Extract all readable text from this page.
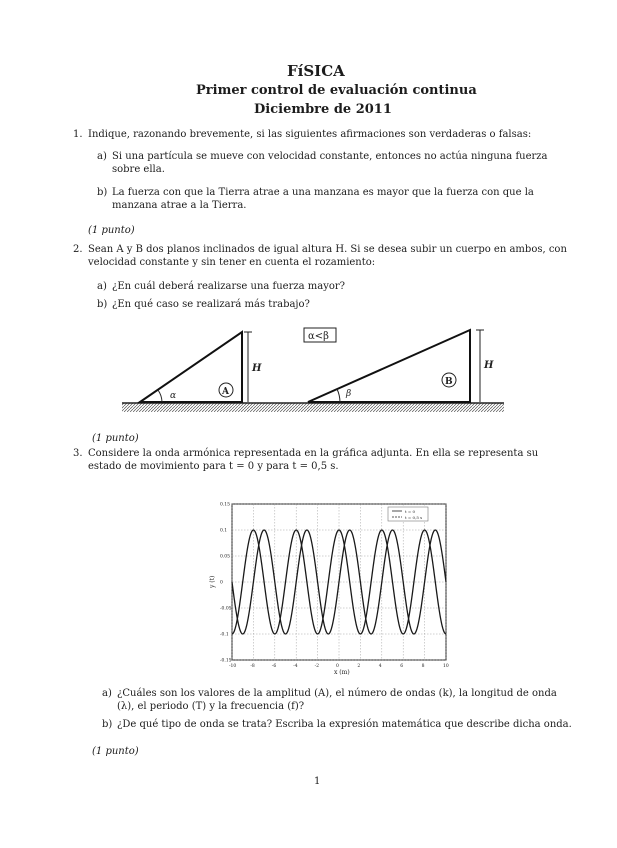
FíSICA
Primer control de evaluación continua
Diciembre de 2011
1. Indique, razonando brevemente, si las siguientes afirmaciones son verdaderas o falsas:
a) Si una partícula se mueve con velocidad constante, entonces no actúa ninguna fuerza sobre ella.
b) La fuerza con que la Tierra atrae a una manzana es mayor que la fuerza con que la manzana atrae a la Tierra.
(1 punto)
2. Sean A y B dos planos inclinados de igual altura H. Si se desea subir un cuerpo en ambos, con velocidad constante y sin tener en cuenta el rozamiento:
a) ¿En cuál deberá realizarse una fuerza mayor?
b) ¿En qué caso se realizará más trabajo?
α
H
A
α<β
β
H
B
(1 punto)
3. Considere la onda armónica representada en la gráfica adjunta. En ella se representa su estado de movimiento para t = 0 y para t = 0,5 s.
-10	-8	-6	-4	-2	0	2	4	6	8	10
-0.15
-0.1
-0.05
0
0.05
0.1
0.15
t = 0
t = 0,5 s
x (m)
y (t)
a) ¿Cuáles son los valores de la amplitud (A), el número de ondas (k), la longitud de onda (λ), el periodo (T) y la frecuencia (f)?
b) ¿De qué tipo de onda se trata? Escriba la expresión matemática que describe dicha onda.
(1 punto)
1
